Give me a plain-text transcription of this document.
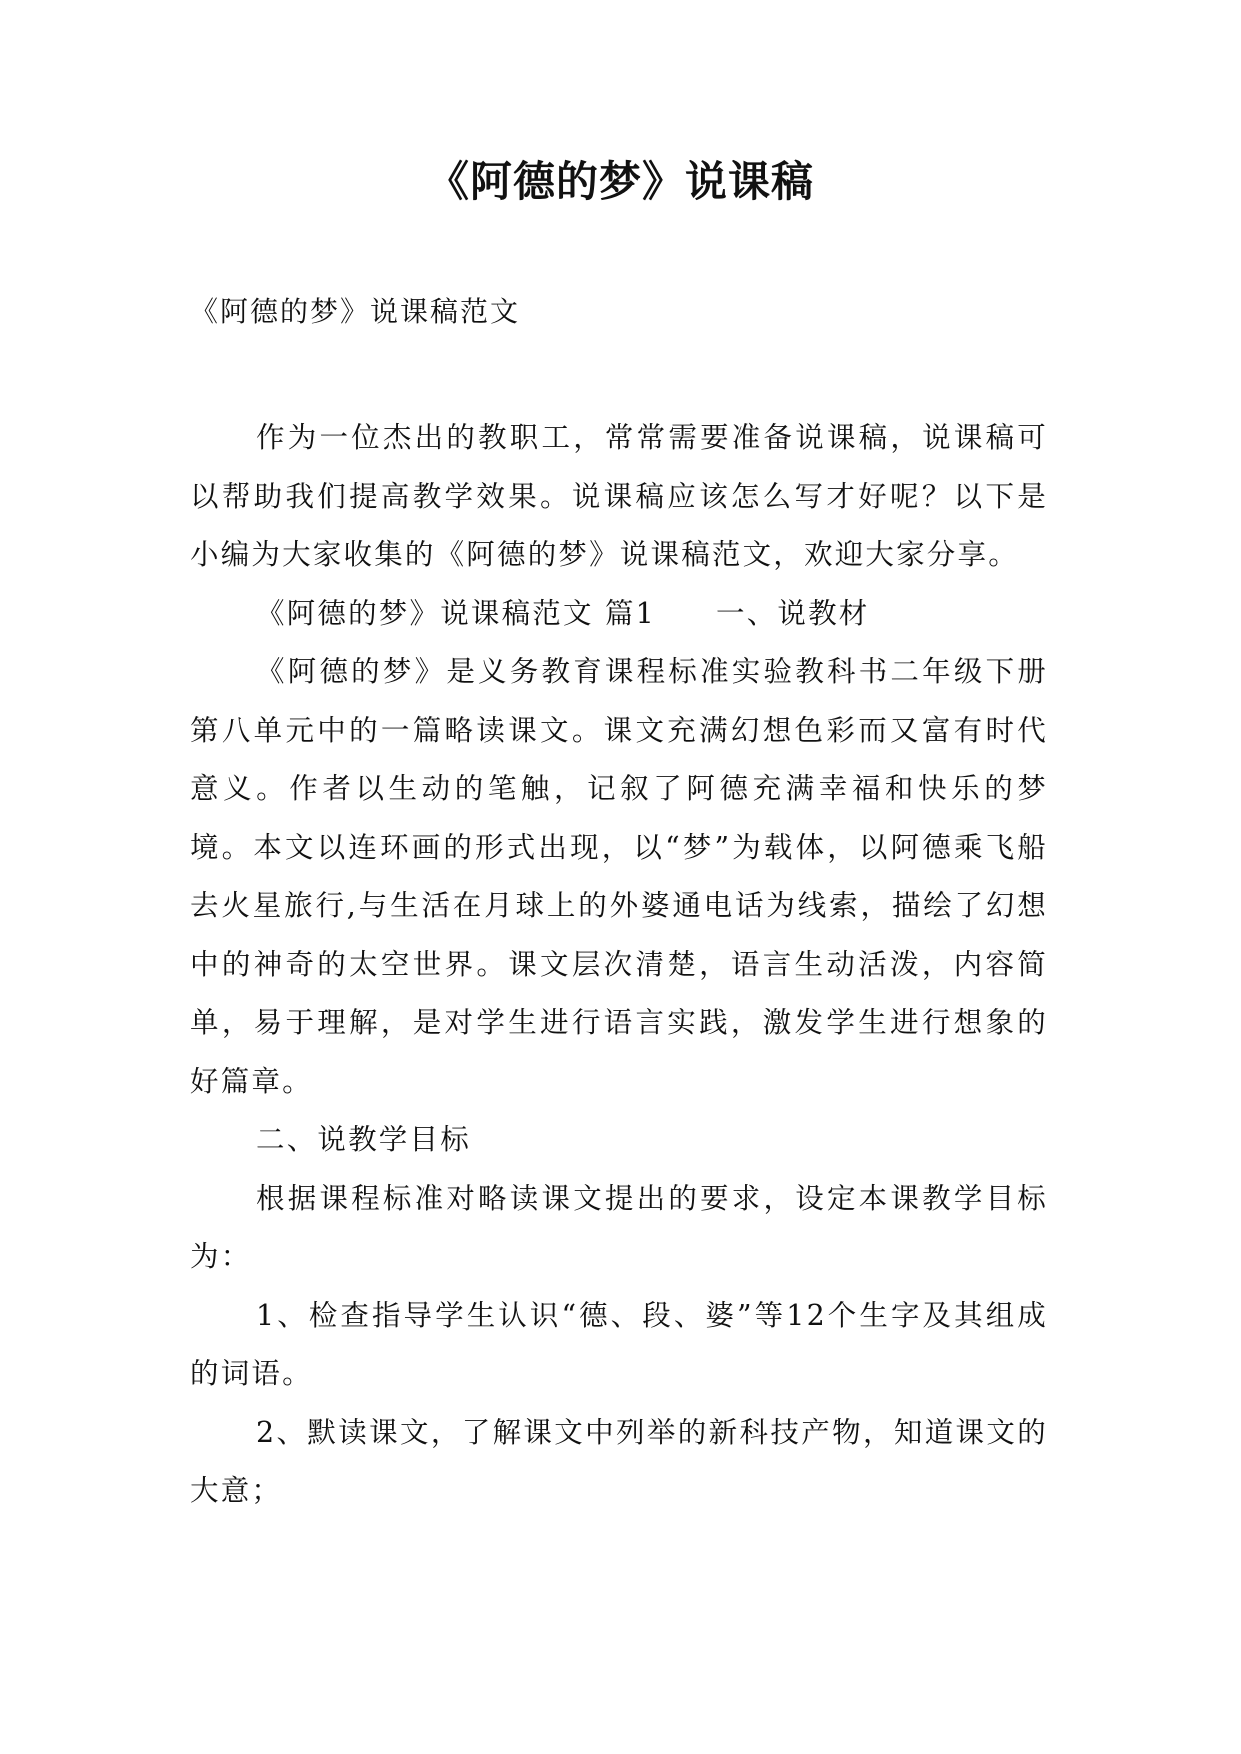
《阿德的梦》说课稿

《阿德的梦》说课稿范文

作为一位杰出的教职工，常常需要准备说课稿，说课稿可以帮助我们提高教学效果。说课稿应该怎么写才好呢？以下是小编为大家收集的《阿德的梦》说课稿范文，欢迎大家分享。

《阿德的梦》说课稿范文 篇1 一、说教材

《阿德的梦》是义务教育课程标准实验教科书二年级下册第八单元中的一篇略读课文。课文充满幻想色彩而又富有时代意义。作者以生动的笔触，记叙了阿德充满幸福和快乐的梦境。本文以连环画的形式出现，以“梦”为载体，以阿德乘飞船去火星旅行,与生活在月球上的外婆通电话为线索，描绘了幻想中的神奇的太空世界。课文层次清楚，语言生动活泼，内容简单，易于理解，是对学生进行语言实践，激发学生进行想象的好篇章。

二、说教学目标

根据课程标准对略读课文提出的要求，设定本课教学目标为：

1、检查指导学生认识“德、段、婆”等12个生字及其组成的词语。

2、默读课文，了解课文中列举的新科技产物，知道课文的大意；
